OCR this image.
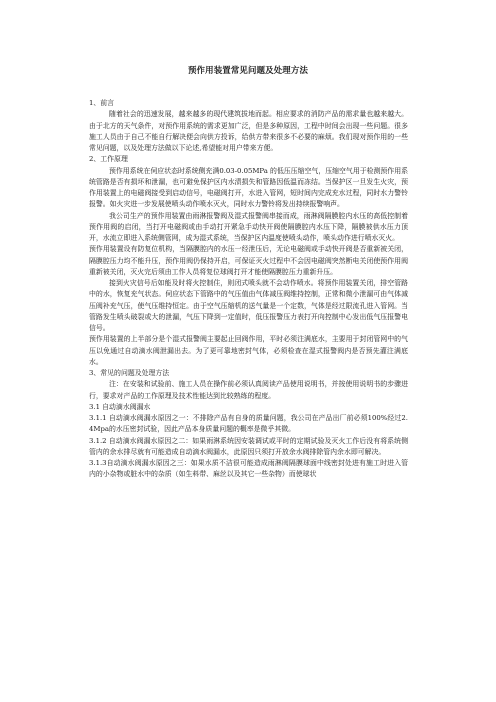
预作用装置常见问题及处理方法

1、前言

随着社会的迅速发展，越来越多的现代建筑拔地而起。相应要求的消防产品的需求量也越来越大。由于北方的天气条件，对预作用系统的需求更加广泛，但是多种原因，工程中时间会出现一些问题。很多施工人员由于自己不能自行解决便会向供方投诉，给供方带来很多不必要的麻烦。我们现对预作用的一些常见问题，以及处理方法做以下论述,希望能对用户带来方便。

2、工作原理

预作用系统在伺应状态时系统侧充满0.03-0.05MPa 的低压压缩空气，压缩空气用于检测预作用系统管路是否有损坏和泄漏，也可避免保护区内水渍损失和管路因低温而冻结。当保护区一旦发生火灾，预作用装置上的电磁阀接受到启动信号，电磁阀打开，水进入管网，短时间内完成充水过程，同时水力警铃报警。如火灾进一步发展使喷头动作喷水灭火，同时水力警铃将发出持续报警响声。

我公司生产的预作用装置由雨淋报警阀及湿式报警阀串接而成，雨淋阀隔膜腔内水压的高低控制着预作用阀的启闭，当打开电磁阀或由手动打开紧急手动快开阀使隔膜腔内水压下降，隔膜被供水压力顶开，水流立即进入系统侧管网，成为湿式系统，当保护区内温度使喷头动作，喷头动作进行喷水灭火。

预作用装置设有防复位机构，当隔膜腔内的水压一经泄压后，无论电磁阀或手动快开阀是否重新被关闭，隔膜腔压力均不能升压，预作用阀仍保持开启，可保证灭火过程中不会因电磁阀突然断电关闭使预作用阀重新被关闭，灭火完后须由工作人员将复位球阀打开才能使隔膜腔压力重新升压。

接到火灾信号后如能及时将火控制住，则闭式喷头就不会动作喷水。将预作用装置关闭，排空管路中的水，恢复充气状态。伺应状态下管路中的气压值由气体减压阀维持控制，正常和微小泄漏可由气体减压阀补充气压，使气压维持恒定。由于空气压缩机的送气量是一个定数，气体是经过限流孔进入管网。当管路发生喷头破裂或大的泄漏，气压下降到一定值时，低压报警压力表打开向控制中心发出低气压报警电信号。

预作用装置的上半部分是个湿式报警阀主要起止回阀作用，平时必须注满底水，主要用于封闭管网中的气压以免通过自动滴水阀泄漏出去。为了更可靠地密封气体，必须检查在湿式报警阀内是否预先灌注满底水。

3、常见的问题及处理方法

注：在安装和试验前、施工人员在操作前必须认真阅读产品使用说明书，并按使用说明书的步骤进行，要求对产品的工作原理及技术性能达到比较熟练的程度。

3.1 自动滴水阀漏水

3.1.1 自动滴水阀漏水原因之一：不排除产品有自身的质量问题，我公司在产品出厂前必须100%经过2.4Mpa的水压密封试验，因此产品本身质量问题的概率是微乎其微。

3.1.2 自动滴水阀漏水原因之二：如果雨淋系统因安装调试或平时的定期试验及灭火工作后没有将系统侧管内的余水排尽就有可能造成自动滴水阀漏水，此原因只须打开放余水阀排除管内余水即可解决。

3.1.3自动滴水阀漏水原因之三：如果水质不洁很可能造成雨淋阀隔膜球面中线密封处进有施工时进入管内的小杂物或脏水中的杂质（如生料带、麻丝以及其它一些杂物）而使球状
